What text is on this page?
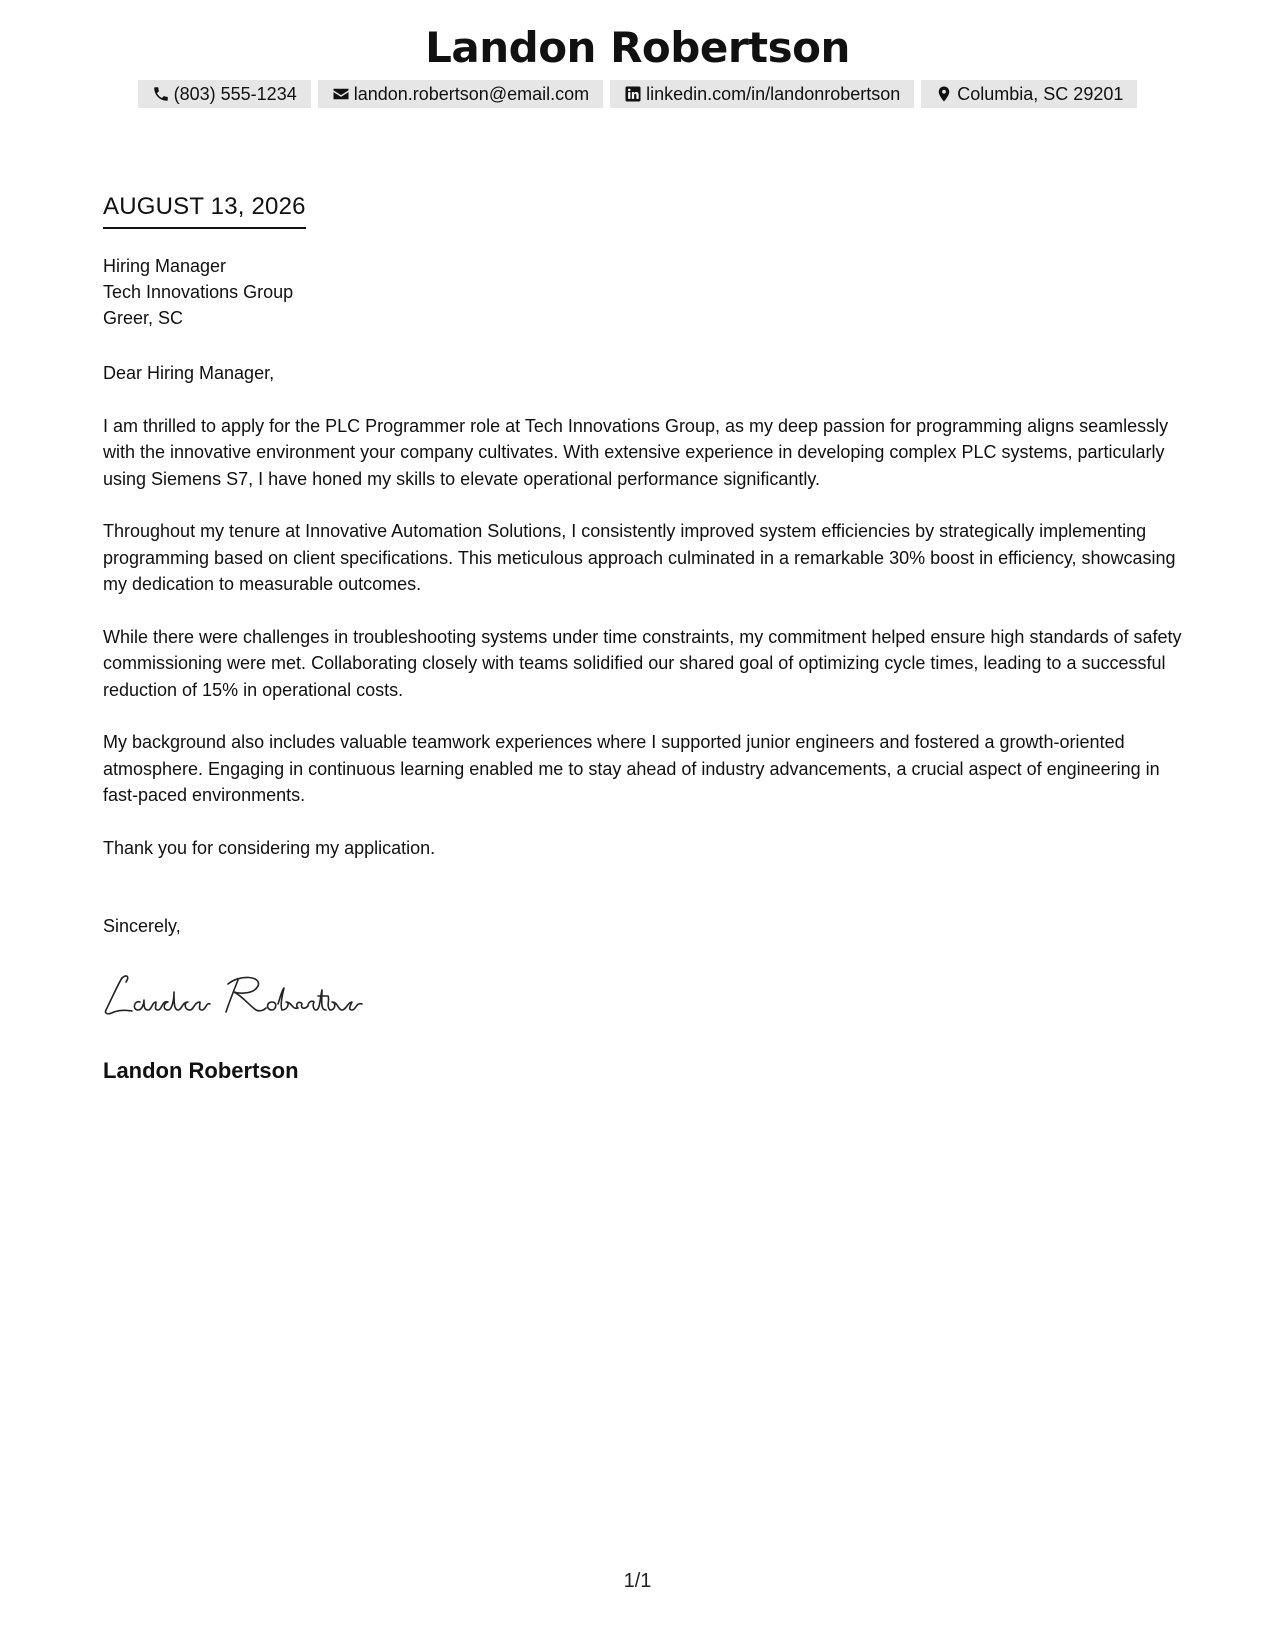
Landon Robertson
(803) 555-1234	landon.robertson@email.com	linkedin.com/in/landonrobertson	Columbia, SC 29201
AUGUST 13, 2026
Hiring Manager
Tech Innovations Group
Greer, SC

Dear Hiring Manager,

I am thrilled to apply for the PLC Programmer role at Tech Innovations Group, as my deep passion for programming aligns seamlessly with the innovative environment your company cultivates. With extensive experience in developing complex PLC systems, particularly using Siemens S7, I have honed my skills to elevate operational performance significantly.

Throughout my tenure at Innovative Automation Solutions, I consistently improved system efficiencies by strategically implementing programming based on client specifications. This meticulous approach culminated in a remarkable 30% boost in efficiency, showcasing my dedication to measurable outcomes.

While there were challenges in troubleshooting systems under time constraints, my commitment helped ensure high standards of safety commissioning were met. Collaborating closely with teams solidified our shared goal of optimizing cycle times, leading to a successful reduction of 15% in operational costs.

My background also includes valuable teamwork experiences where I supported junior engineers and fostered a growth-oriented atmosphere. Engaging in continuous learning enabled me to stay ahead of industry advancements, a crucial aspect of engineering in fast-paced environments.

Thank you for considering my application.

Sincerely,
Landon Robertson
1/1
